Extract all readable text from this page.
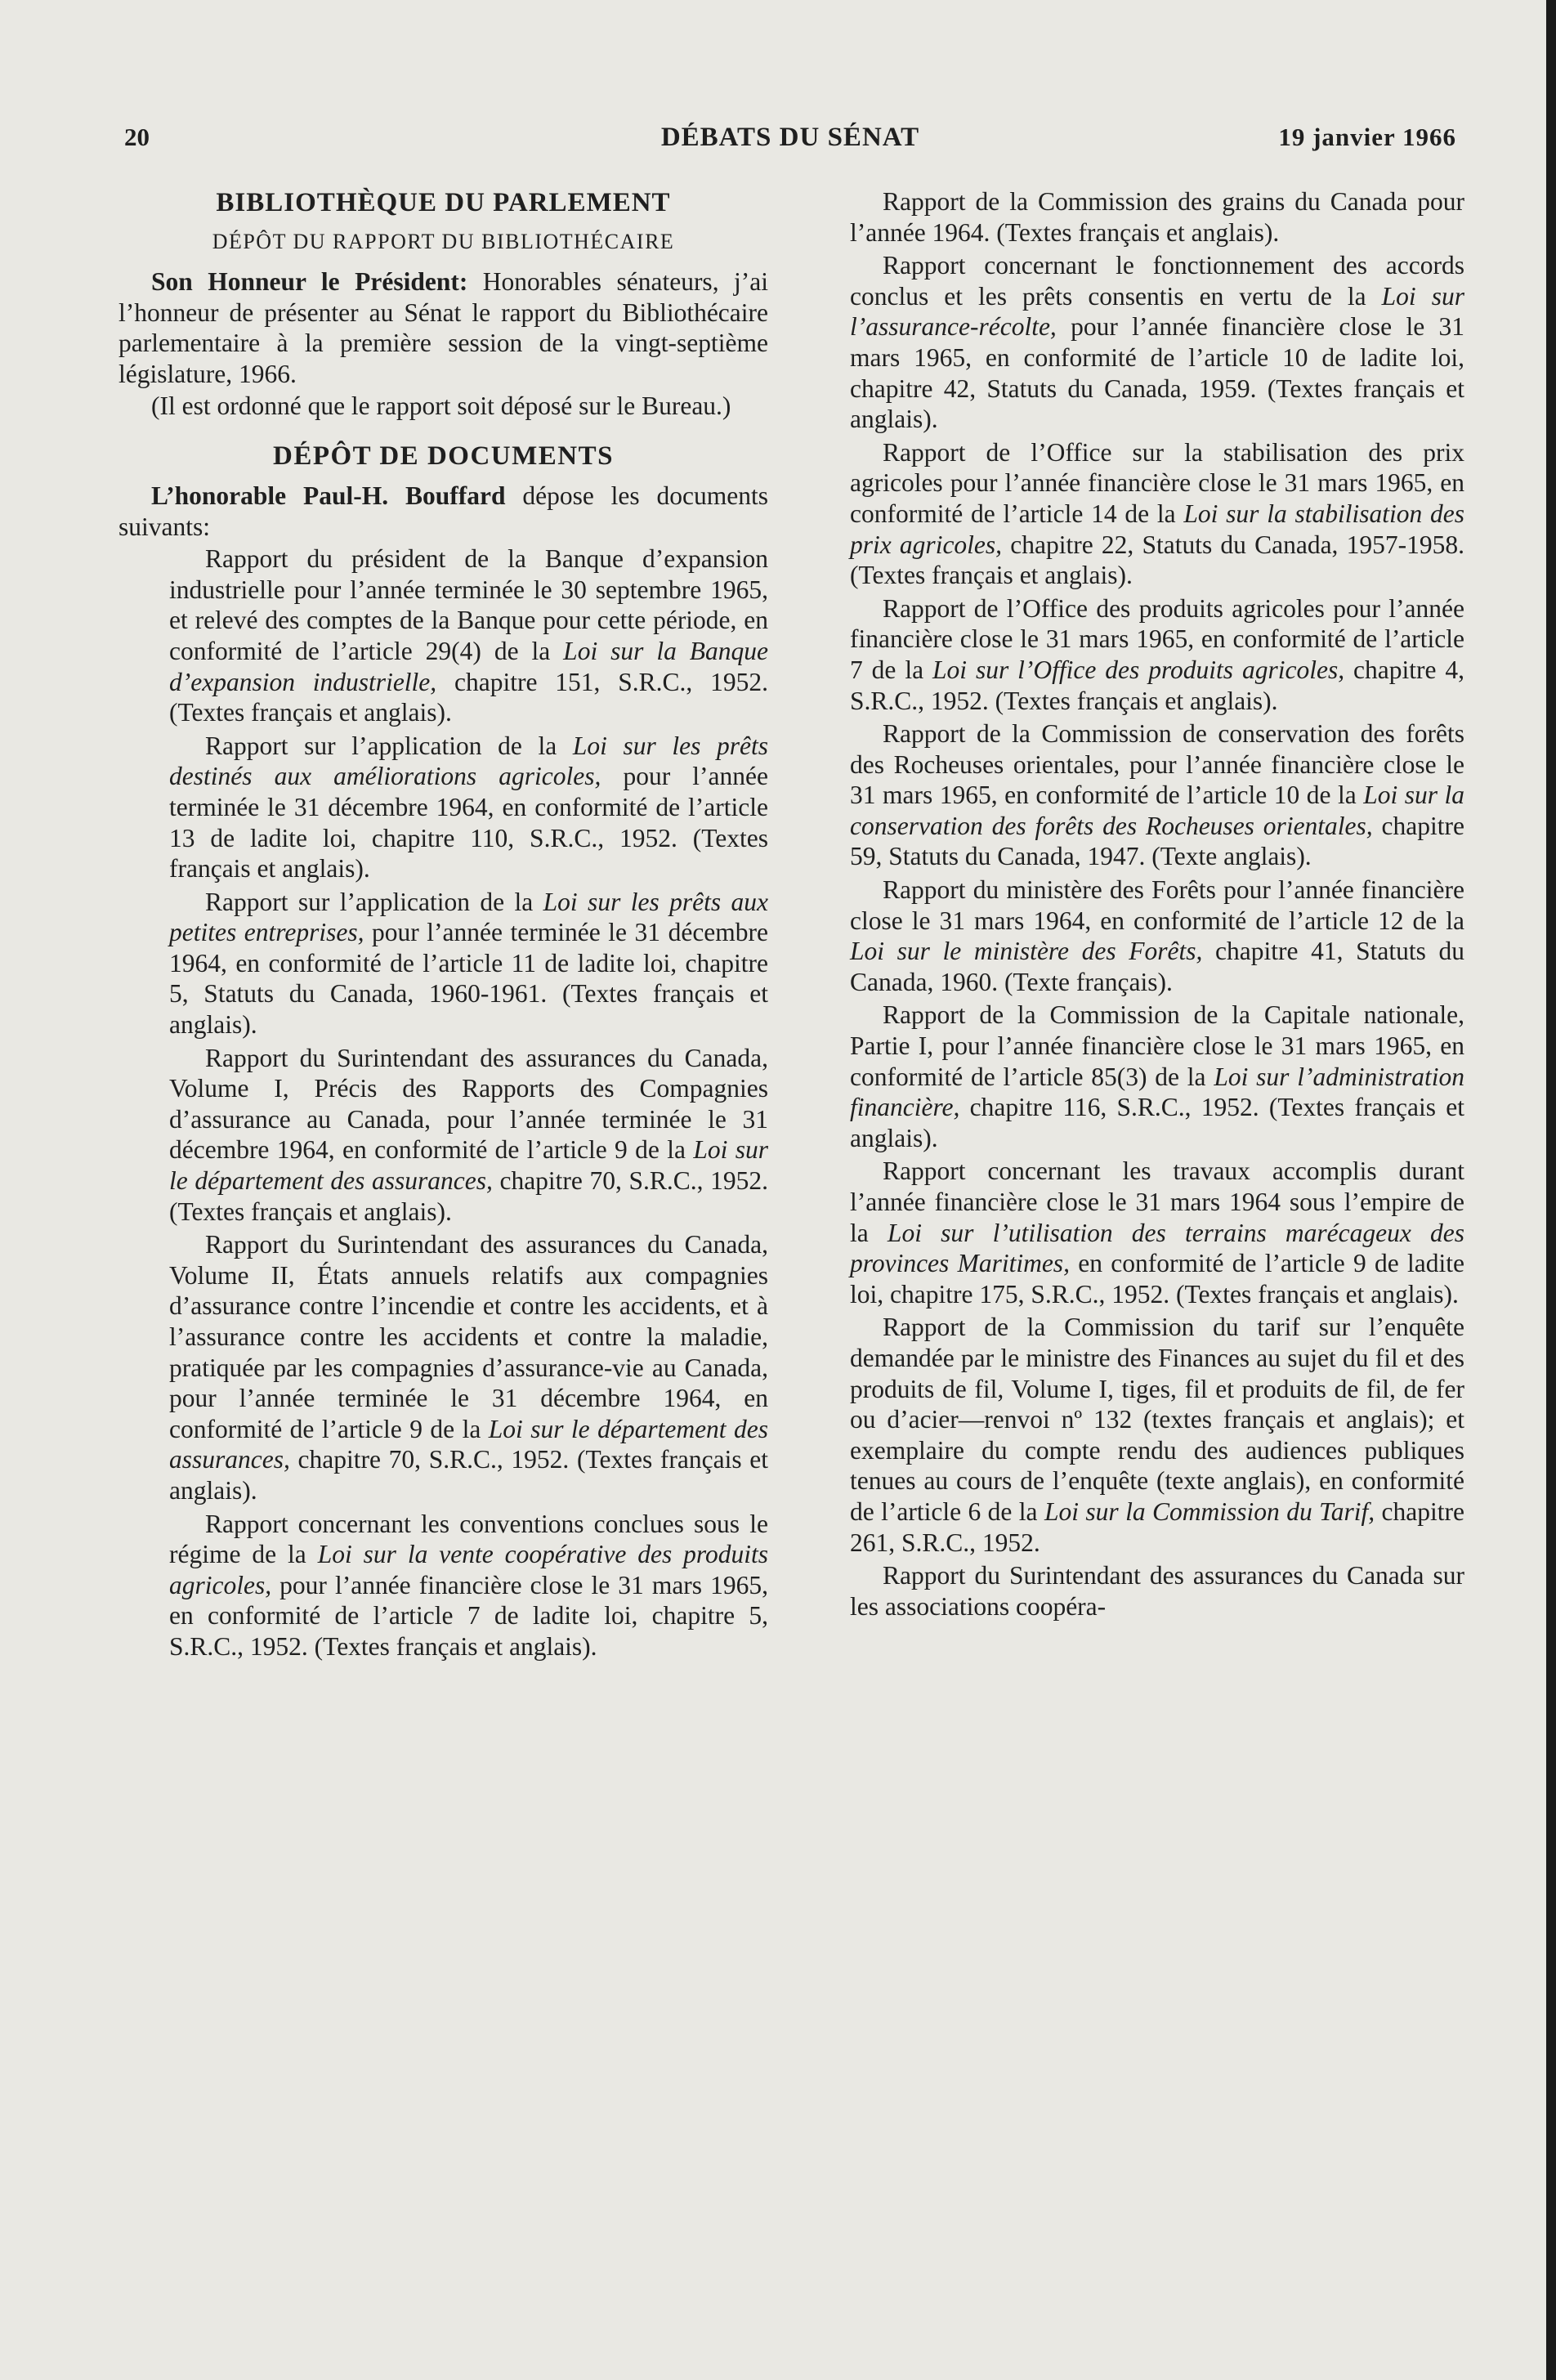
20	DÉBATS DU SÉNAT	19 janvier 1966
BIBLIOTHÈQUE DU PARLEMENT
DÉPÔT DU RAPPORT DU BIBLIOTHÉCAIRE

Son Honneur le Président: Honorables sénateurs, j’ai l’honneur de présenter au Sénat le rapport du Bibliothécaire parlementaire à la première session de la vingt-septième législature, 1966.

(Il est ordonné que le rapport soit déposé sur le Bureau.)

DÉPÔT DE DOCUMENTS

L’honorable Paul-H. Bouffard dépose les documents suivants:

Rapport du président de la Banque d’expansion industrielle pour l’année terminée le 30 septembre 1965, et relevé des comptes de la Banque pour cette période, en conformité de l’article 29(4) de la Loi sur la Banque d’expansion industrielle, chapitre 151, S.R.C., 1952. (Textes français et anglais).

Rapport sur l’application de la Loi sur les prêts destinés aux améliorations agricoles, pour l’année terminée le 31 décembre 1964, en conformité de l’article 13 de ladite loi, chapitre 110, S.R.C., 1952. (Textes français et anglais).

Rapport sur l’application de la Loi sur les prêts aux petites entreprises, pour l’année terminée le 31 décembre 1964, en conformité de l’article 11 de ladite loi, chapitre 5, Statuts du Canada, 1960-1961. (Textes français et anglais).

Rapport du Surintendant des assurances du Canada, Volume I, Précis des Rapports des Compagnies d’assurance au Canada, pour l’année terminée le 31 décembre 1964, en conformité de l’article 9 de la Loi sur le département des assurances, chapitre 70, S.R.C., 1952. (Textes français et anglais).

Rapport du Surintendant des assurances du Canada, Volume II, États annuels relatifs aux compagnies d’assurance contre l’incendie et contre les accidents, et à l’assurance contre les accidents et contre la maladie, pratiquée par les compagnies d’assurance-vie au Canada, pour l’année terminée le 31 décembre 1964, en conformité de l’article 9 de la Loi sur le département des assurances, chapitre 70, S.R.C., 1952. (Textes français et anglais).

Rapport concernant les conventions conclues sous le régime de la Loi sur la vente coopérative des produits agricoles, pour l’année financière close le 31 mars 1965, en conformité de l’article 7 de ladite loi, chapitre 5, S.R.C., 1952. (Textes français et anglais).

Rapport de la Commission des grains du Canada pour l’année 1964. (Textes français et anglais).

Rapport concernant le fonctionnement des accords conclus et les prêts consentis en vertu de la Loi sur l’assurance-récolte, pour l’année financière close le 31 mars 1965, en conformité de l’article 10 de ladite loi, chapitre 42, Statuts du Canada, 1959. (Textes français et anglais).

Rapport de l’Office sur la stabilisation des prix agricoles pour l’année financière close le 31 mars 1965, en conformité de l’article 14 de la Loi sur la stabilisation des prix agricoles, chapitre 22, Statuts du Canada, 1957-1958. (Textes français et anglais).

Rapport de l’Office des produits agricoles pour l’année financière close le 31 mars 1965, en conformité de l’article 7 de la Loi sur l’Office des produits agricoles, chapitre 4, S.R.C., 1952. (Textes français et anglais).

Rapport de la Commission de conservation des forêts des Rocheuses orientales, pour l’année financière close le 31 mars 1965, en conformité de l’article 10 de la Loi sur la conservation des forêts des Rocheuses orientales, chapitre 59, Statuts du Canada, 1947. (Texte anglais).

Rapport du ministère des Forêts pour l’année financière close le 31 mars 1964, en conformité de l’article 12 de la Loi sur le ministère des Forêts, chapitre 41, Statuts du Canada, 1960. (Texte français).

Rapport de la Commission de la Capitale nationale, Partie I, pour l’année financière close le 31 mars 1965, en conformité de l’article 85(3) de la Loi sur l’administration financière, chapitre 116, S.R.C., 1952. (Textes français et anglais).

Rapport concernant les travaux accomplis durant l’année financière close le 31 mars 1964 sous l’empire de la Loi sur l’utilisation des terrains marécageux des provinces Maritimes, en conformité de l’article 9 de ladite loi, chapitre 175, S.R.C., 1952. (Textes français et anglais).

Rapport de la Commission du tarif sur l’enquête demandée par le ministre des Finances au sujet du fil et des produits de fil, Volume I, tiges, fil et produits de fil, de fer ou d’acier—renvoi nº 132 (textes français et anglais); et exemplaire du compte rendu des audiences publiques tenues au cours de l’enquête (texte anglais), en conformité de l’article 6 de la Loi sur la Commission du Tarif, chapitre 261, S.R.C., 1952.

Rapport du Surintendant des assurances du Canada sur les associations coopéra-
